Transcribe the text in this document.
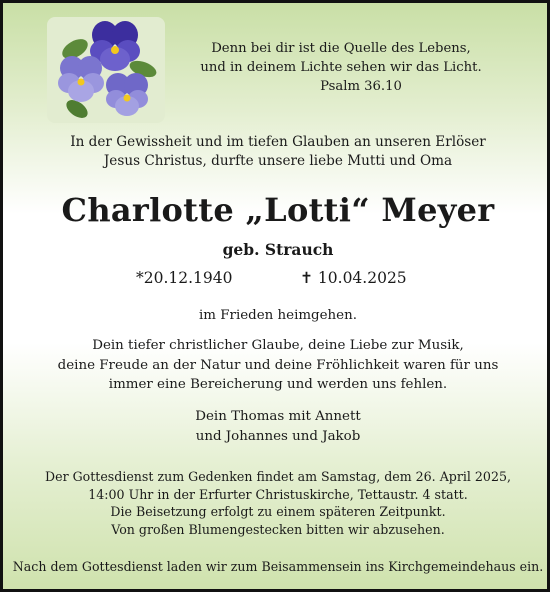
Denn bei dir ist die Quelle des Lebens,
und in deinem Lichte sehen wir das Licht.
Psalm 36.10
In der Gewissheit und im tiefen Glauben an unseren Erlöser
Jesus Christus, durfte unsere liebe Mutti und Oma
Charlotte „Lotti“ Meyer
geb. Strauch
*20.12.1940	✝ 10.04.2025
im Frieden heimgehen.
Dein tiefer christlicher Glaube, deine Liebe zur Musik,
deine Freude an der Natur und deine Fröhlichkeit waren für uns
immer eine Bereicherung und werden uns fehlen.
Dein Thomas mit Annett
und Johannes und Jakob
Der Gottesdienst zum Gedenken findet am Samstag, dem 26. April 2025,
14:00 Uhr in der Erfurter Christuskirche, Tettaustr. 4 statt.
Die Beisetzung erfolgt zu einem späteren Zeitpunkt.
Von großen Blumengestecken bitten wir abzusehen.
Nach dem Gottesdienst laden wir zum Beisammensein ins Kirchgemeindehaus ein.
